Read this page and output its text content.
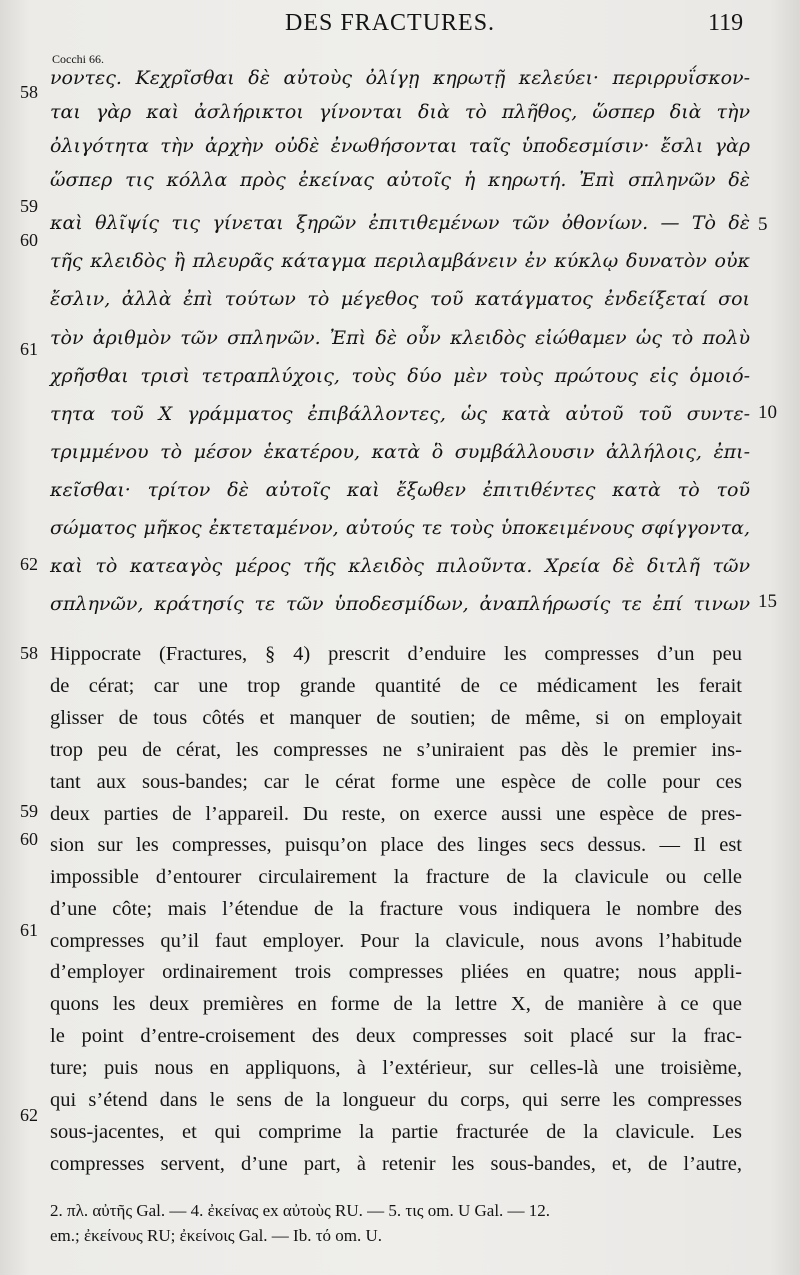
DES FRACTURES.	119
Cocchi 66.
νοντες. Κεχρῖσθαι δὲ αὐτοὺς ὀλίγῃ κηρωτῇ κελεύει· περιρρυΐσκον-
ται γὰρ καὶ ἀσλήρικτοι γίνονται διὰ τὸ πλῆθος, ὥσπερ διὰ τὴν
ὀλιγότητα τὴν ἀρχὴν οὐδὲ ἐνωθήσονται ταῖς ὑποδεσμίσιν· ἔσλι γὰρ
ὥσπερ τις κόλλα πρὸς ἐκείνας αὐτοῖς ἡ κηρωτή. Ἐπὶ σπληνῶν δὲ
καὶ θλῖψίς τις γίνεται ξηρῶν ἐπιτιθεμένων τῶν ὀθονίων. — Τὸ δὲ
τῆς κλειδὸς ἢ πλευρᾶς κάταγμα περιλαμβάνειν ἐν κύκλῳ δυνατὸν οὐκ
ἔσλιν, ἀλλὰ ἐπὶ τούτων τὸ μέγεθος τοῦ κατάγματος ἐνδείξεταί σοι
τὸν ἀριθμὸν τῶν σπληνῶν. Ἐπὶ δὲ οὖν κλειδὸς εἰώθαμεν ὡς τὸ πολὺ
χρῆσθαι τρισὶ τετραπλύχοις, τοὺς δύο μὲν τοὺς πρώτους εἰς ὁμοιό-
τητα τοῦ Χ γράμματος ἐπιβάλλοντες, ὡς κατὰ αὐτοῦ τοῦ συντε-
τριμμένου τὸ μέσον ἑκατέρου, κατὰ ὃ συμβάλλουσιν ἀλλήλοις, ἐπι-
κεῖσθαι· τρίτον δὲ αὐτοῖς καὶ ἔξωθεν ἐπιτιθέντες κατὰ τὸ τοῦ
σώματος μῆκος ἐκτεταμένον, αὐτούς τε τοὺς ὑποκειμένους σφίγγοντα,
καὶ τὸ κατεαγὸς μέρος τῆς κλειδὸς πιλοῦντα. Χρεία δὲ διτλῆ τῶν
σπληνῶν, κράτησίς τε τῶν ὑποδεσμίδων, ἀναπλήρωσίς τε ἐπί τινων
58
59
60
61
62
5
10
15
Hippocrate (Fractures, § 4) prescrit d’enduire les compresses d’un peu
de cérat; car une trop grande quantité de ce médicament les ferait
glisser de tous côtés et manquer de soutien; de même, si on employait
trop peu de cérat, les compresses ne s’uniraient pas dès le premier ins-
tant aux sous-bandes; car le cérat forme une espèce de colle pour ces
deux parties de l’appareil. Du reste, on exerce aussi une espèce de pres-
sion sur les compresses, puisqu’on place des linges secs dessus. — Il est
impossible d’entourer circulairement la fracture de la clavicule ou celle
d’une côte; mais l’étendue de la fracture vous indiquera le nombre des
compresses qu’il faut employer. Pour la clavicule, nous avons l’habitude
d’employer ordinairement trois compresses pliées en quatre; nous appli-
quons les deux premières en forme de la lettre X, de manière à ce que
le point d’entre-croisement des deux compresses soit placé sur la frac-
ture; puis nous en appliquons, à l’extérieur, sur celles-là une troisième,
qui s’étend dans le sens de la longueur du corps, qui serre les compresses
sous-jacentes, et qui comprime la partie fracturée de la clavicule. Les
compresses servent, d’une part, à retenir les sous-bandes, et, de l’autre,
58
59
60
61
62
2. πλ. αὐτῆς Gal. — 4. ἐκείνας ex αὐτοὺς RU. — 5. τις om. U Gal. — 12.
em.; ἐκείνους RU; ἐκείνοις Gal. — Ib. τό om. U.
